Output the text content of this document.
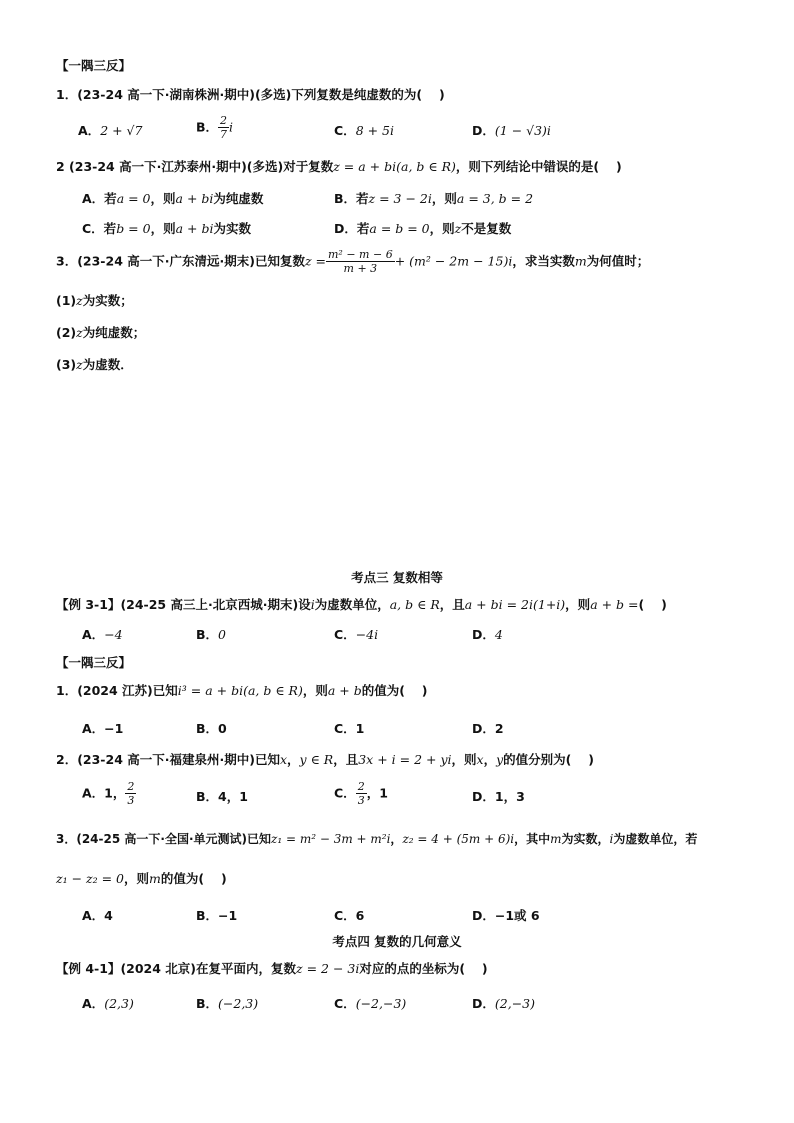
【一隅三反】
1．(23-24 高一下·湖南株洲·期中)(多选)下列复数是纯虚数的为(　 )
A．2 + √7	B． $\frac{2}{7}$ i	C．8 + 5i	D．(1 − √3)i
2 (23-24 高一下·江苏泰州·期中)(多选)对于复数z = a + bi(a, b ∈ R)，则下列结论中错误的是(　 )
A．若a = 0，则a + bi为纯虚数	B．若z = 3 − 2i，则a = 3, b = 2
C．若b = 0，则a + bi为实数	D．若a = b = 0，则z不是复数
3．(23-24 高一下·广东清远·期末)已知复数$z = \frac{\text{m² − m − 6}}{m + 3} + (m^2 - 2m - 15)i$，求当实数m为何值时；
(1)z为实数；
(2)z为纯虚数；
(3)z为虚数．
考点三 复数相等
【例 3-1】(24-25 高三上·北京西城·期末)设i为虚数单位，a, b ∈ R，且a + bi = 2i(1+i)，则a + b =(　 )
A．−4	B．0	C．−4i	D．4
【一隅三反】
1．(2024 江苏)已知i³ = a + bi(a, b ∈ R)，则a + b的值为(　 )
A．−1	B．0	C．1	D．2
2．(23-24 高一下·福建泉州·期中)已知x，y ∈ R，且3x + i = 2 + yi，则x，y的值分别为(　 )
A．1， $\frac{2}{3}$	B．4，1	C． $\frac{2}{3}$ ，1	D．1，3
3．(24-25 高一下·全国·单元测试)已知z₁ = m² − 3m + m²i，z₂ = 4 + (5m + 6)i，其中m为实数，i为虚数单位，若
z₁ − z₂ = 0，则m的值为(　 )
A．4	B．−1	C．6	D．−1或 6
考点四 复数的几何意义
【例 4-1】(2024 北京)在复平面内，复数z = 2 − 3i对应的点的坐标为(　 )
A．(2,3)	B．(−2,3)	C．(−2,−3)	D．(2,−3)
